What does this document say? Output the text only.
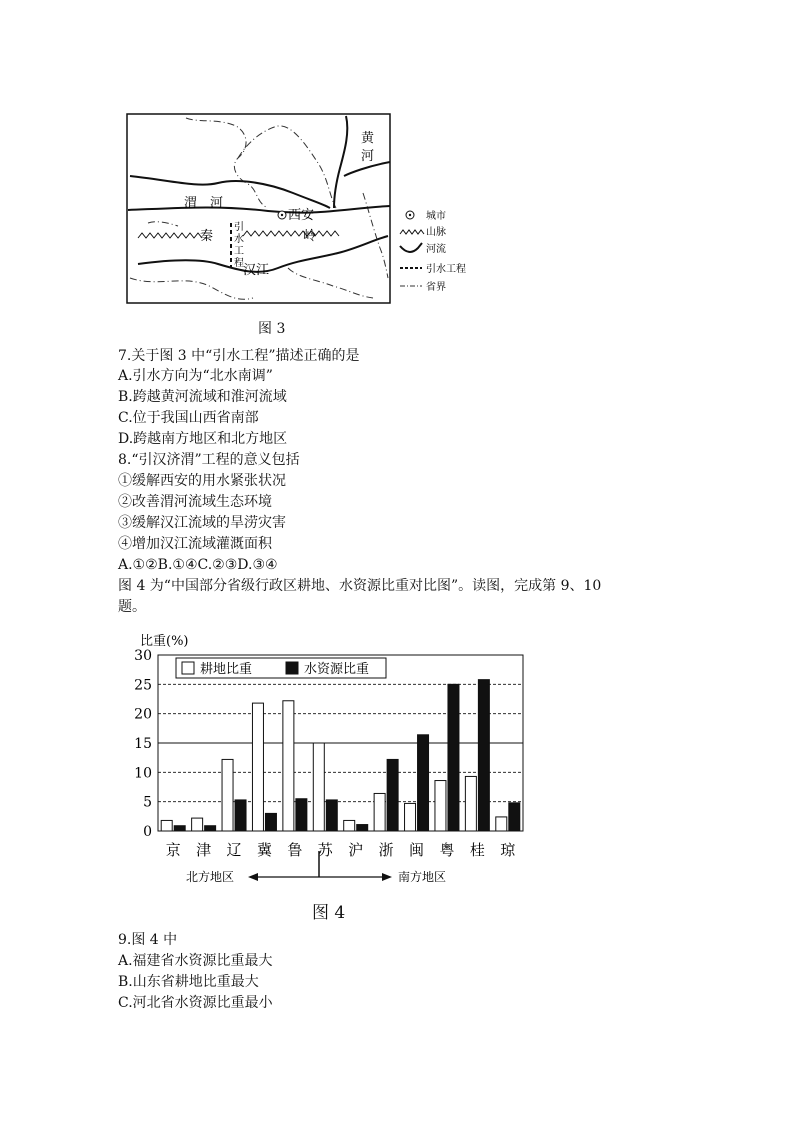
黄
河
渭　河
西安
秦	岭
引
水
工
程 汉江
城市
山脉
河流
引水工程
省界
图 3
7.关于图 3 中“引水工程”描述正确的是
A.引水方向为“北水南调”
B.跨越黄河流域和淮河流域
C.位于我国山西省南部
D.跨越南方地区和北方地区
8.“引汉济渭”工程的意义包括
①缓解西安的用水紧张状况
②改善渭河流域生态环境
③缓解汉江流域的旱涝灾害
④增加汉江流域灌溉面积
A.①②B.①④C.②③D.③④
图 4 为“中国部分省级行政区耕地、水资源比重对比图”。读图，完成第 9、10
题。
比重(%)
0
5
10
15
20
25
30
京 津 辽 冀 鲁 苏 沪 浙 闽 粤 桂 琼
耕地比重	水资源比重
北方地区	南方地区
图 4
9.图 4 中
A.福建省水资源比重最大
B.山东省耕地比重最大
C.河北省水资源比重最小
